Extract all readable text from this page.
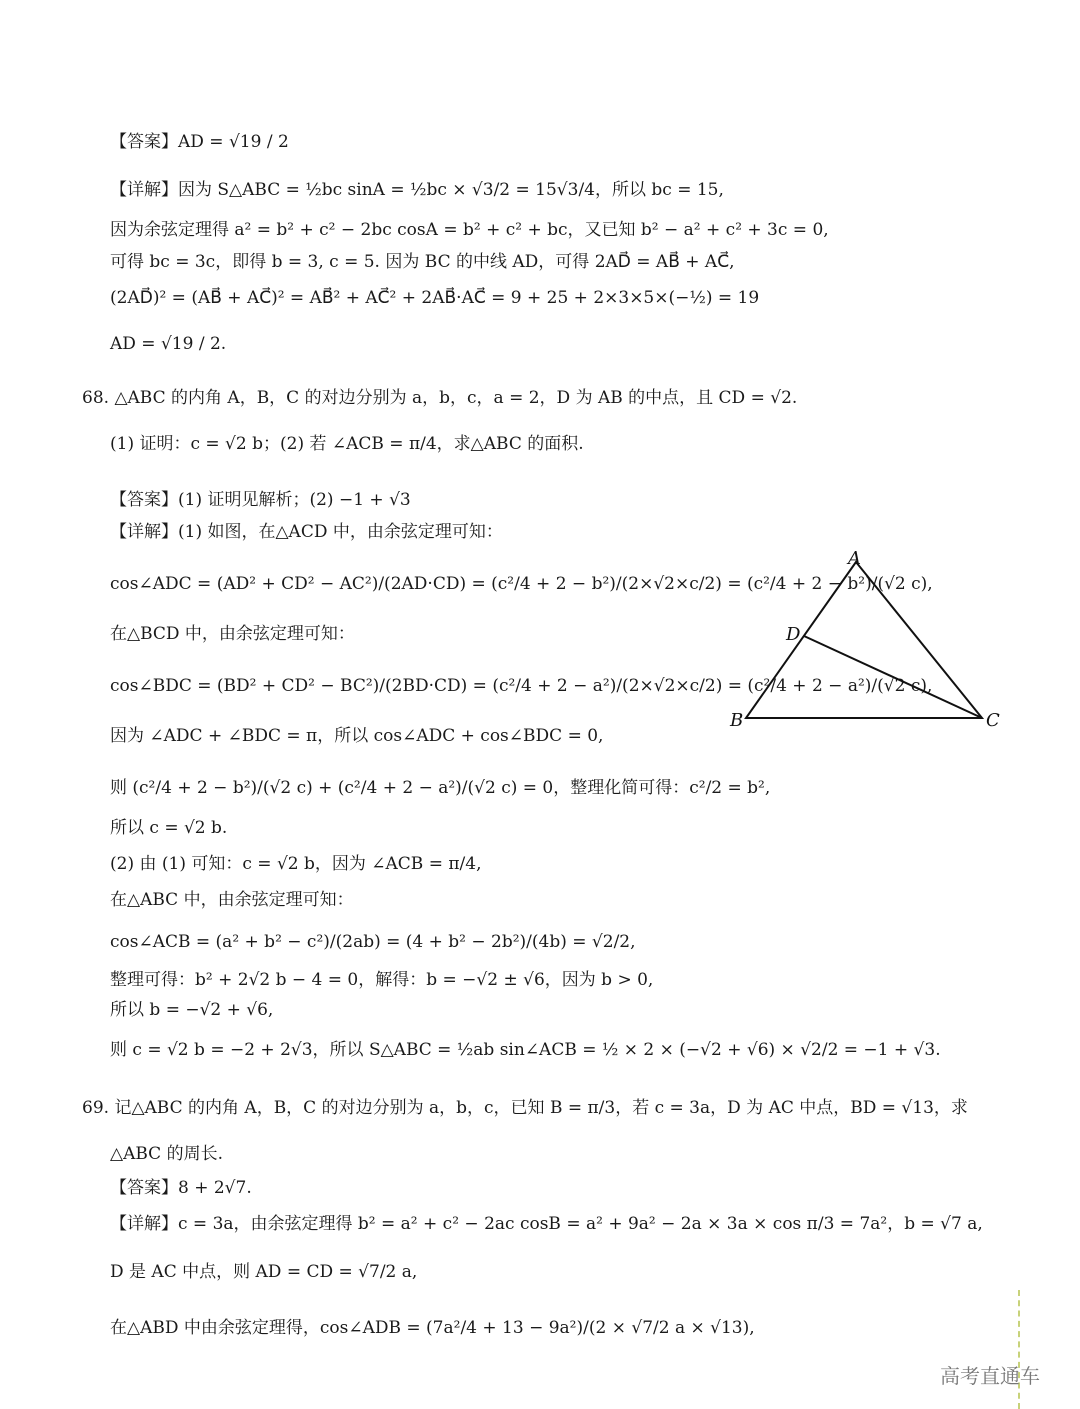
【答案】AD = √19 / 2
【详解】因为 S△ABC = ½bc sinA = ½bc × √3/2 = 15√3/4，所以 bc = 15,
因为余弦定理得 a² = b² + c² − 2bc cosA = b² + c² + bc，又已知 b² − a² + c² + 3c = 0,
可得 bc = 3c，即得 b = 3, c = 5. 因为 BC 的中线 AD，可得 2AD⃗ = AB⃗ + AC⃗,
(2AD⃗)² = (AB⃗ + AC⃗)² = AB⃗² + AC⃗² + 2AB⃗·AC⃗ = 9 + 25 + 2×3×5×(−½) = 19
AD = √19 / 2.
68. △ABC 的内角 A，B，C 的对边分别为 a，b，c，a = 2，D 为 AB 的中点，且 CD = √2.
(1) 证明：c = √2 b；(2) 若 ∠ACB = π/4，求△ABC 的面积.
【答案】(1) 证明见解析；(2) −1 + √3
【详解】(1) 如图，在△ACD 中，由余弦定理可知：
cos∠ADC = (AD² + CD² − AC²)/(2AD·CD) = (c²/4 + 2 − b²)/(2×√2×c/2) = (c²/4 + 2 − b²)/(√2 c),
在△BCD 中，由余弦定理可知：
cos∠BDC = (BD² + CD² − BC²)/(2BD·CD) = (c²/4 + 2 − a²)/(2×√2×c/2) = (c²/4 + 2 − a²)/(√2 c),
因为 ∠ADC + ∠BDC = π，所以 cos∠ADC + cos∠BDC = 0,
则 (c²/4 + 2 − b²)/(√2 c) + (c²/4 + 2 − a²)/(√2 c) = 0，整理化简可得：c²/2 = b²,
所以 c = √2 b.
(2) 由 (1) 可知：c = √2 b，因为 ∠ACB = π/4,
在△ABC 中，由余弦定理可知：
cos∠ACB = (a² + b² − c²)/(2ab) = (4 + b² − 2b²)/(4b) = √2/2,
整理可得：b² + 2√2 b − 4 = 0，解得：b = −√2 ± √6，因为 b > 0,
所以 b = −√2 + √6,
则 c = √2 b = −2 + 2√3，所以 S△ABC = ½ab sin∠ACB = ½ × 2 × (−√2 + √6) × √2/2 = −1 + √3.
69. 记△ABC 的内角 A，B，C 的对边分别为 a，b，c，已知 B = π/3，若 c = 3a，D 为 AC 中点，BD = √13，求
△ABC 的周长.
【答案】8 + 2√7.
【详解】c = 3a，由余弦定理得 b² = a² + c² − 2ac cosB = a² + 9a² − 2a × 3a × cos π/3 = 7a²，b = √7 a,
D 是 AC 中点，则 AD = CD = √7/2 a,
在△ABD 中由余弦定理得，cos∠ADB = (7a²/4 + 13 − 9a²)/(2 × √7/2 a × √13),
A
B	C
D
高考直通车
